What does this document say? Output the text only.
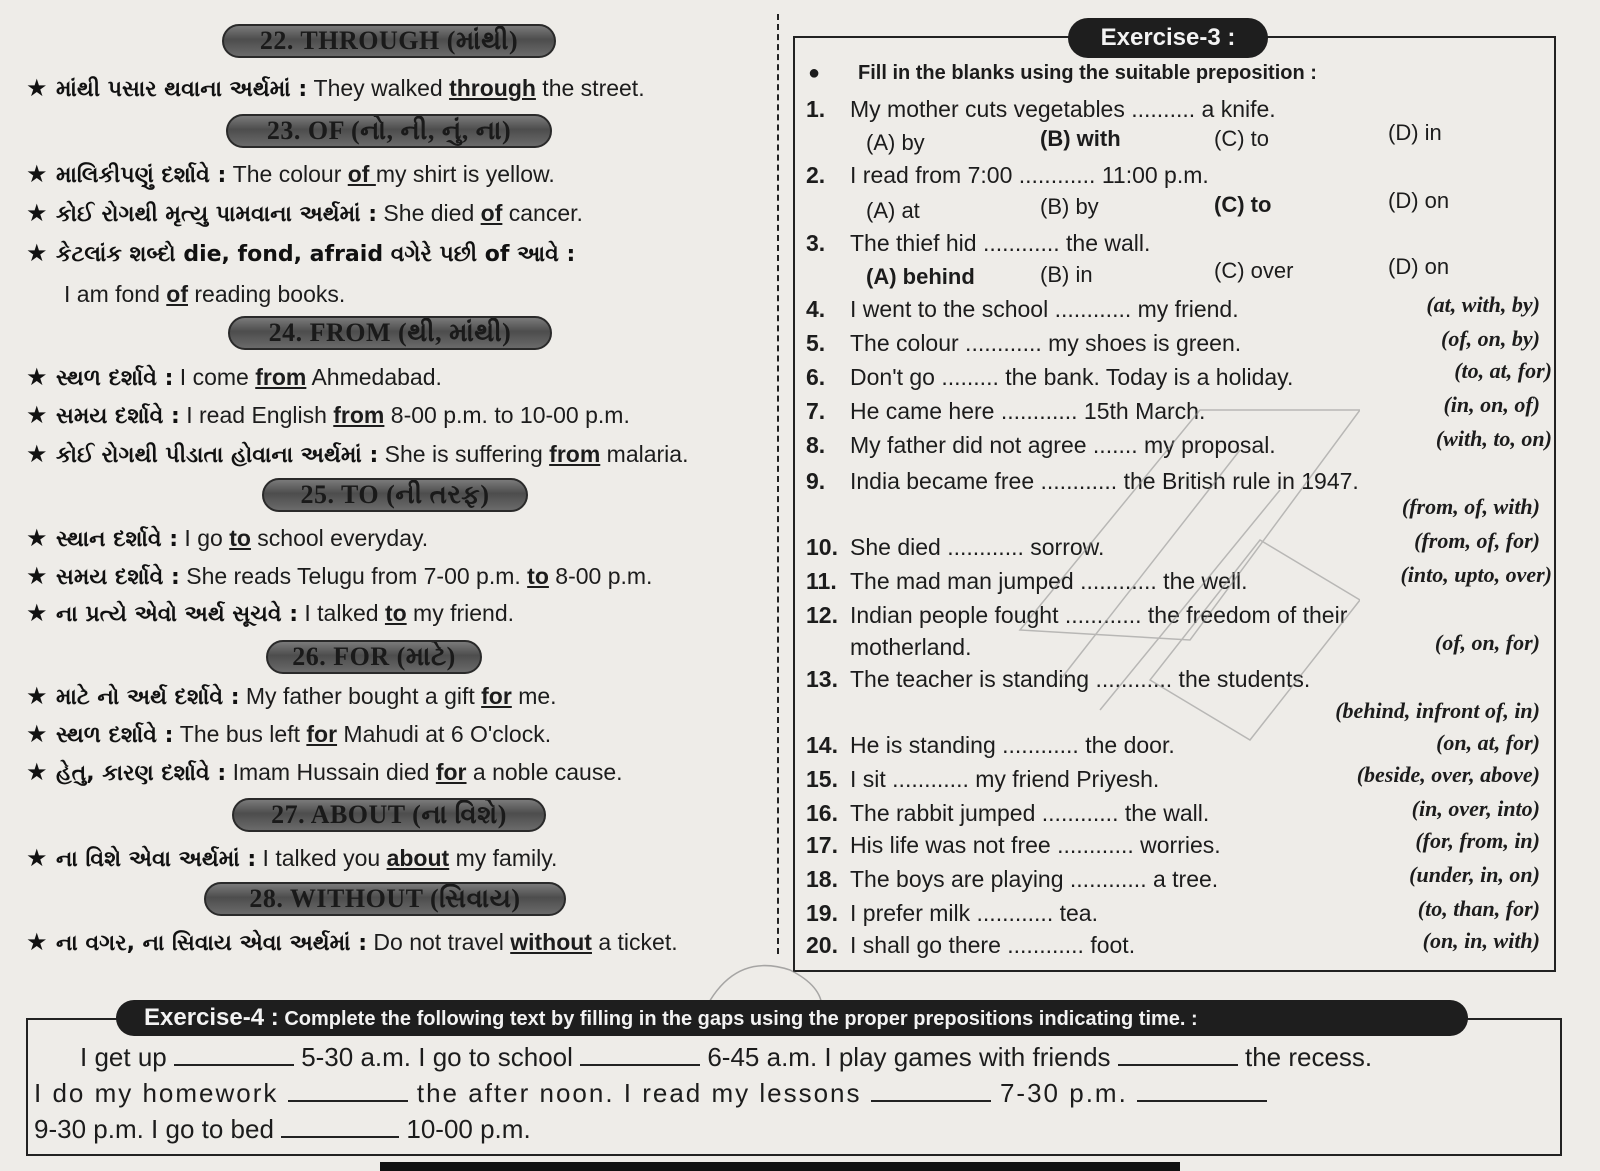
22. THROUGH (માંથી)
★ માંથી પસાર થવાના અર્થમાં : They walked through the street.
23. OF (નો, ની, નું, ના)
★ માલિકીપણું દર્શાવે : The colour of my shirt is yellow.
★ કોઈ રોગથી મૃત્યુ પામવાના અર્થમાં : She died of cancer.
★ કેટલાંક શબ્દો die, fond, afraid વગેરે પછી of આવે :
I am fond of reading books.
24. FROM (થી, માંથી)
★ સ્થળ દર્શાવે : I come from Ahmedabad.
★ સમય દર્શાવે : I read English from 8-00 p.m. to 10-00 p.m.
★ કોઈ રોગથી પીડાતા હોવાના અર્થમાં : She is suffering from malaria.
25. TO (ની તરફ)
★ સ્થાન દર્શાવે : I go to school everyday.
★ સમય દર્શાવે : She reads Telugu from 7-00 p.m. to 8-00 p.m.
★ ના પ્રત્યે એવો અર્થ સૂચવે : I talked to my friend.
26. FOR (માટે)
★ માટે નો અર્થ દર્શાવે : My father bought a gift for me.
★ સ્થળ દર્શાવે : The bus left for Mahudi at 6 O'clock.
★ હેતુ, કારણ દર્શાવે : Imam Hussain died for a noble cause.
27. ABOUT (ના વિશે)
★ ના વિશે એવા અર્થમાં : I talked you about my family.
28. WITHOUT (સિવાય)
★ ના વગર, ના સિવાય એવા અર્થમાં : Do not travel without a ticket.
Exercise-3 :
● Fill in the blanks using the suitable preposition :
1. My mother cuts vegetables .......... a knife.
(A) by	(B) with	(C) to	(D) in
2. I read from 7:00 ............ 11:00 p.m.
(A) at	(B) by	(C) to	(D) on
3. The thief hid ............ the wall.
(A) behind	(B) in	(C) over	(D) on
4. I went to the school ............ my friend.	(at, with, by)
5. The colour ............ my shoes is green.	(of, on, by)
6. Don't go ......... the bank. Today is a holiday.	(to, at, for)
7. He came here ............ 15th March.	(in, on, of)
8. My father did not agree ....... my proposal.	(with, to, on)
9. India became free ............ the British rule in 1947.
(from, of, with)
10. She died ............ sorrow.	(from, of, for)
11. The mad man jumped ............ the well.	(into, upto, over)
12. Indian people fought ............ the freedom of their
motherland.	(of, on, for)
13. The teacher is standing ............ the students.
(behind, infront of, in)
14. He is standing ............ the door.	(on, at, for)
15. I sit ............ my friend Priyesh.	(beside, over, above)
16. The rabbit jumped ............ the wall.	(in, over, into)
17. His life was not free ............ worries.	(for, from, in)
18. The boys are playing ............ a tree.	(under, in, on)
19. I prefer milk ............ tea.	(to, than, for)
20. I shall go there ............ foot.	(on, in, with)
Exercise-4 : Complete the following text by filling in the gaps using the proper prepositions indicating time. :
I get up	5-30 a.m. I go to school	6-45 a.m. I play games with friends	the recess.
I do my homework	the after noon. I read my lessons	7-30 p.m.
9-30 p.m. I go to bed	10-00 p.m.
